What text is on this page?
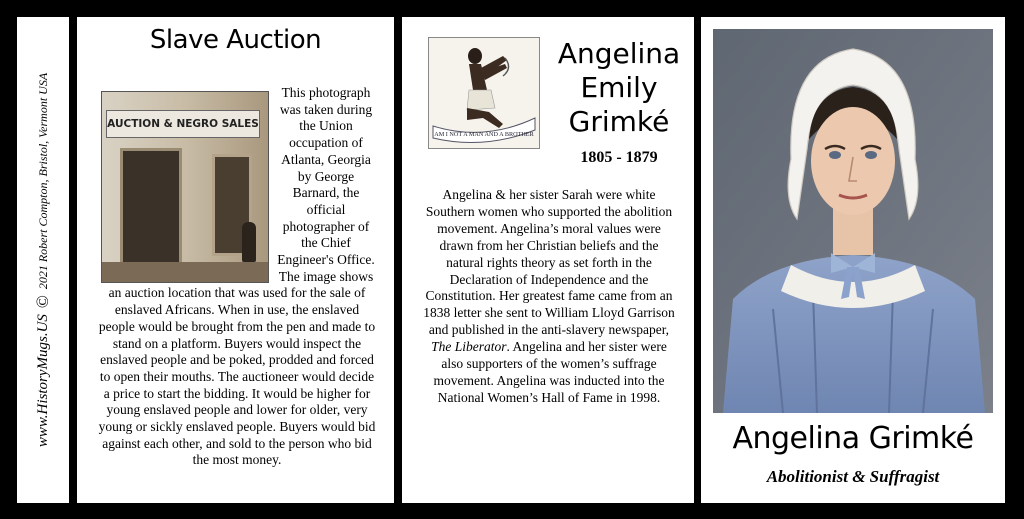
www.HistoryMugs.US
©
2021 Robert Compton, Bristol, Vermont USA
Slave Auction
AUCTION & NEGRO SALES
This photograph was taken during the Union occupation of Atlanta, Georgia by George Barnard, the official photographer of the Chief Engineer's Office. The image shows an auction location that was used for the sale of enslaved Africans. When in use, the enslaved people would be brought from the pen and made to stand on a platform. Buyers would inspect the enslaved people and be poked, prodded and forced to open their mouths. The auctioneer would decide a price to start the bidding. It would be higher for young enslaved people and lower for older, very young or sickly enslaved people. Buyers would bid against each other, and sold to the person who bid the most money.
AM I NOT A MAN AND A BROTHER
Angelina
Emily
Grimké
1805 - 1879
Angelina & her sister Sarah were white Southern women who supported the abolition movement. Angelina’s moral values were drawn from her Christian beliefs and the natural rights theory as set forth in the Declaration of Independence and the Constitution. Her greatest fame came from an 1838 letter she sent to William Lloyd Garrison and published in the anti-slavery newspaper, The Liberator. Angelina and her sister were also supporters of the women’s suffrage movement. Angelina was inducted into the National Women’s Hall of Fame in 1998.
Angelina Grimké
Abolitionist & Suffragist
